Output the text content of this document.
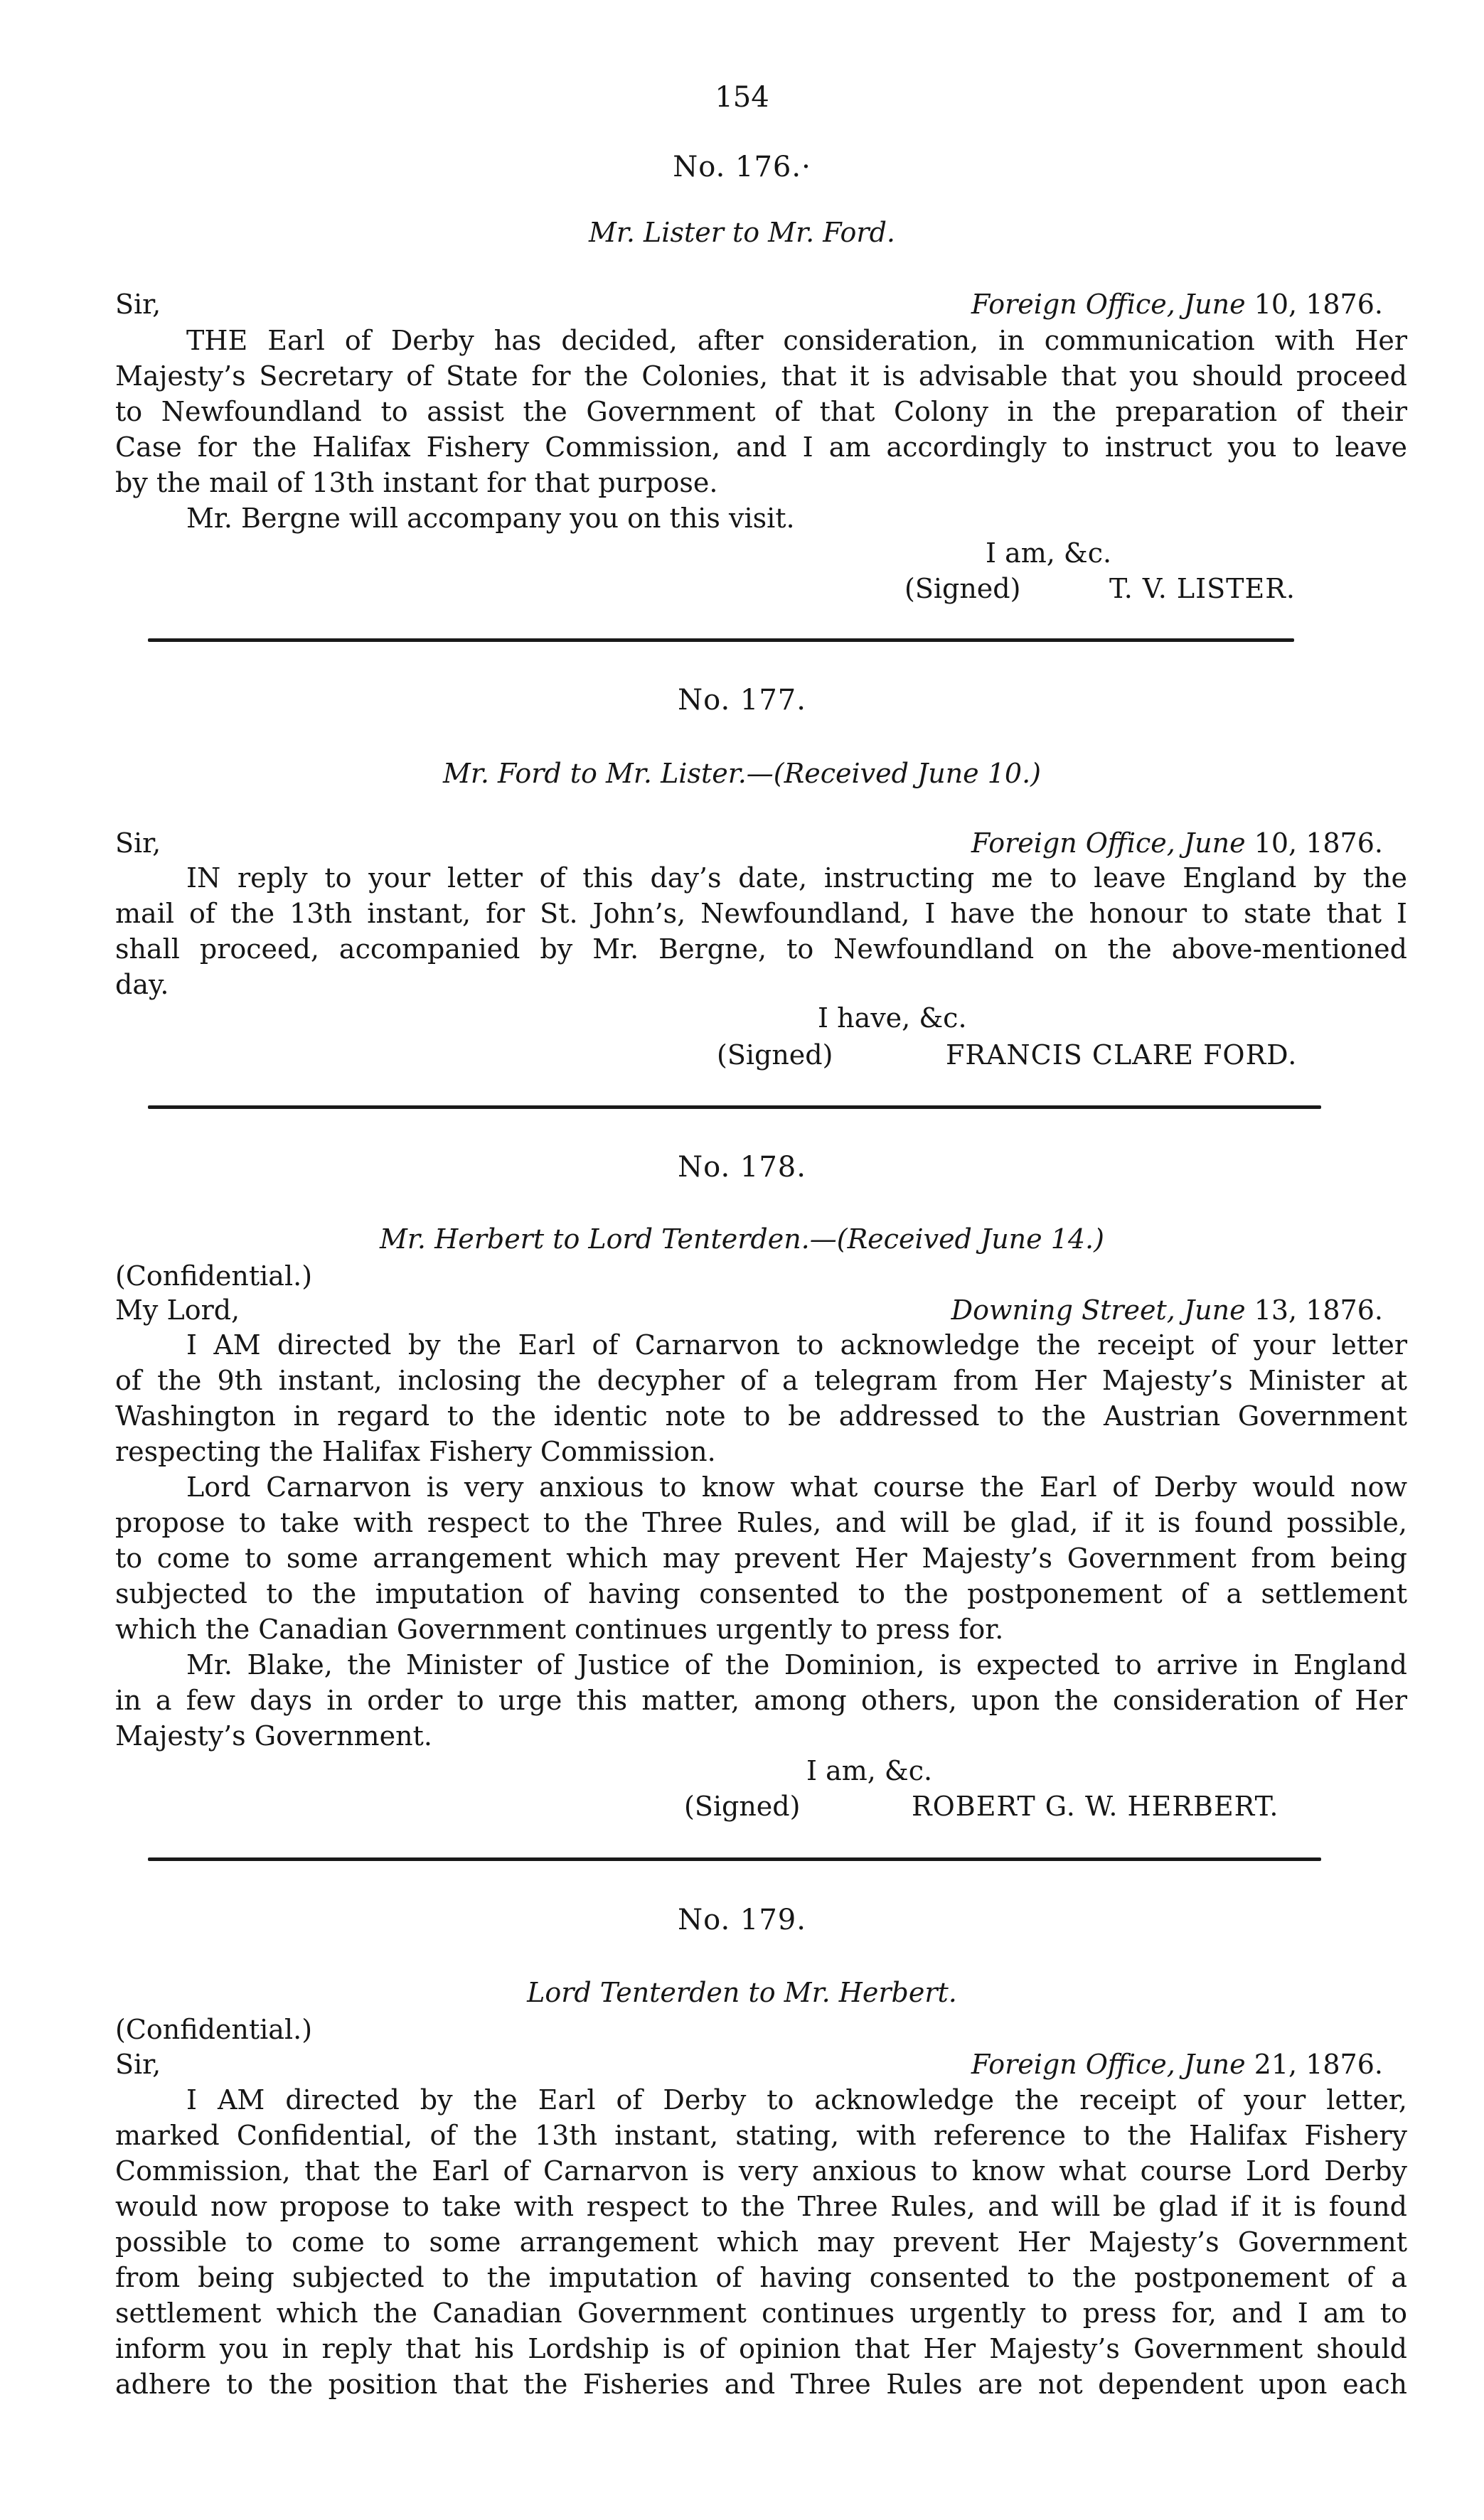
154
No. 176.·
Mr. Lister to Mr. Ford.
Sir,	Foreign Office, June 10, 1876.
THE Earl of Derby has decided, after consideration, in communication with Her
Majesty’s Secretary of State for the Colonies, that it is advisable that you should proceed
to Newfoundland to assist the Government of that Colony in the preparation of their
Case for the Halifax Fishery Commission, and I am accordingly to instruct you to leave
by the mail of 13th instant for that purpose.
Mr. Bergne will accompany you on this visit.
I am, &c.
(Signed)	T. V. LISTER.
No. 177.
Mr. Ford to Mr. Lister.—(Received June 10.)
Sir,	Foreign Office, June 10, 1876.
IN reply to your letter of this day’s date, instructing me to leave England by the
mail of the 13th instant, for St. John’s, Newfoundland, I have the honour to state that I
shall proceed, accompanied by Mr. Bergne, to Newfoundland on the above-mentioned
day.
I have, &c.
(Signed)	FRANCIS CLARE FORD.
No. 178.
Mr. Herbert to Lord Tenterden.—(Received June 14.)
(Confidential.)
My Lord,	Downing Street, June 13, 1876.
I AM directed by the Earl of Carnarvon to acknowledge the receipt of your letter
of the 9th instant, inclosing the decypher of a telegram from Her Majesty’s Minister at
Washington in regard to the identic note to be addressed to the Austrian Government
respecting the Halifax Fishery Commission.
Lord Carnarvon is very anxious to know what course the Earl of Derby would now
propose to take with respect to the Three Rules, and will be glad, if it is found possible,
to come to some arrangement which may prevent Her Majesty’s Government from being
subjected to the imputation of having consented to the postponement of a settlement
which the Canadian Government continues urgently to press for.
Mr. Blake, the Minister of Justice of the Dominion, is expected to arrive in England
in a few days in order to urge this matter, among others, upon the consideration of Her
Majesty’s Government.
I am, &c.
(Signed)	ROBERT G. W. HERBERT.
No. 179.
Lord Tenterden to Mr. Herbert.
(Confidential.)
Sir,	Foreign Office, June 21, 1876.
I AM directed by the Earl of Derby to acknowledge the receipt of your letter,
marked Confidential, of the 13th instant, stating, with reference to the Halifax Fishery
Commission, that the Earl of Carnarvon is very anxious to know what course Lord Derby
would now propose to take with respect to the Three Rules, and will be glad if it is found
possible to come to some arrangement which may prevent Her Majesty’s Government
from being subjected to the imputation of having consented to the postponement of a
settlement which the Canadian Government continues urgently to press for, and I am to
inform you in reply that his Lordship is of opinion that Her Majesty’s Government should
adhere to the position that the Fisheries and Three Rules are not dependent upon each
